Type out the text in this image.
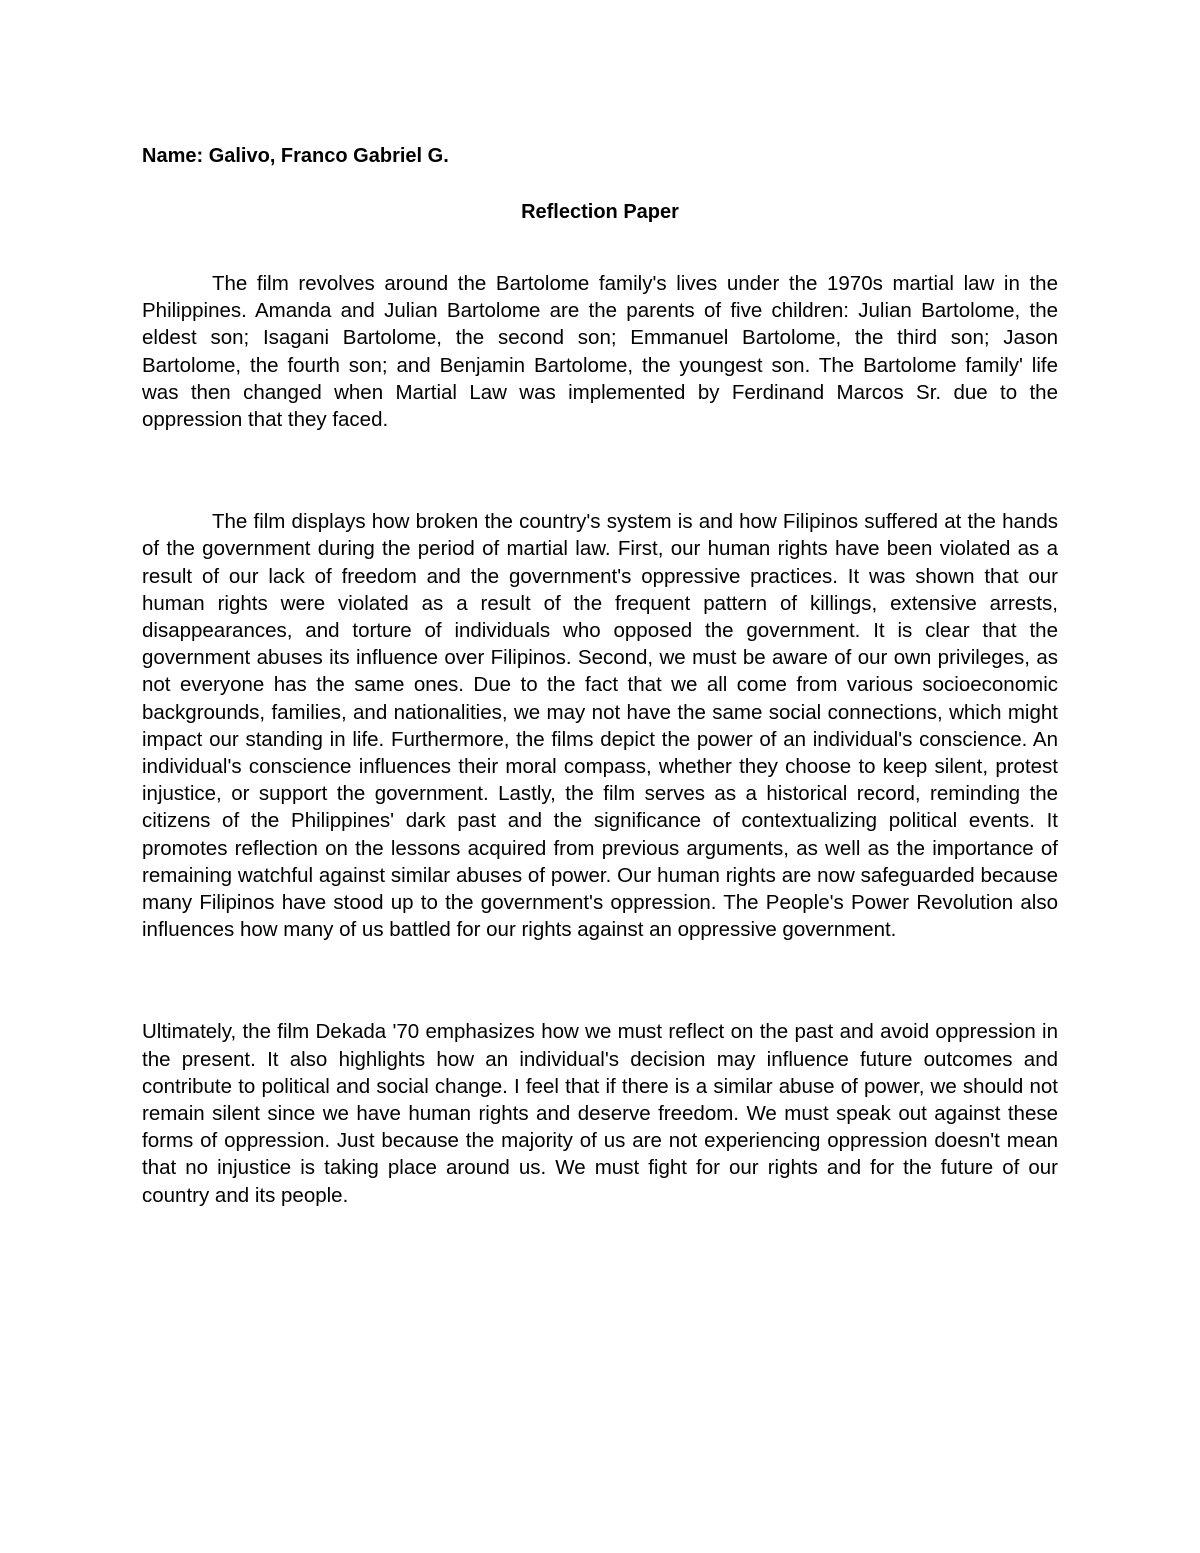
Name: Galivo, Franco Gabriel G.

Reflection Paper

The film revolves around the Bartolome family's lives under the 1970s martial law in the Philippines. Amanda and Julian Bartolome are the parents of five children: Julian Bartolome, the eldest son; Isagani Bartolome, the second son; Emmanuel Bartolome, the third son; Jason Bartolome, the fourth son; and Benjamin Bartolome, the youngest son. The Bartolome family' life was then changed when Martial Law was implemented by Ferdinand Marcos Sr. due to the oppression that they faced.

The film displays how broken the country's system is and how Filipinos suffered at the hands of the government during the period of martial law. First, our human rights have been violated as a result of our lack of freedom and the government's oppressive practices. It was shown that our human rights were violated as a result of the frequent pattern of killings, extensive arrests, disappearances, and torture of individuals who opposed the government. It is clear that the government abuses its influence over Filipinos. Second, we must be aware of our own privileges, as not everyone has the same ones. Due to the fact that we all come from various socioeconomic backgrounds, families, and nationalities, we may not have the same social connections, which might impact our standing in life. Furthermore, the films depict the power of an individual's conscience. An individual's conscience influences their moral compass, whether they choose to keep silent, protest injustice, or support the government. Lastly, the film serves as a historical record, reminding the citizens of the Philippines' dark past and the significance of contextualizing political events. It promotes reflection on the lessons acquired from previous arguments, as well as the importance of remaining watchful against similar abuses of power. Our human rights are now safeguarded because many Filipinos have stood up to the government's oppression. The People's Power Revolution also influences how many of us battled for our rights against an oppressive government.

Ultimately, the film Dekada '70 emphasizes how we must reflect on the past and avoid oppression in the present. It also highlights how an individual's decision may influence future outcomes and contribute to political and social change. I feel that if there is a similar abuse of power, we should not remain silent since we have human rights and deserve freedom. We must speak out against these forms of oppression. Just because the majority of us are not experiencing oppression doesn't mean that no injustice is taking place around us. We must fight for our rights and for the future of our country and its people.
